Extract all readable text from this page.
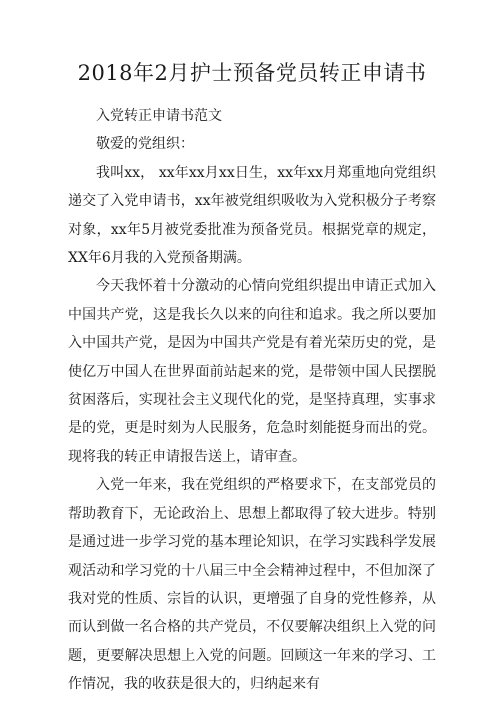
2018年2月护士预备党员转正申请书

入党转正申请书范文

敬爱的党组织：

我叫xx， xx年xx月xx日生，xx年xx月郑重地向党组织递交了入党申请书，xx年被党组织吸收为入党积极分子考察对象，xx年5月被党委批准为预备党员。根据党章的规定，XX年6月我的入党预备期满。

今天我怀着十分激动的心情向党组织提出申请正式加入中国共产党，这是我长久以来的向往和追求。我之所以要加入中国共产党，是因为中国共产党是有着光荣历史的党，是使亿万中国人在世界面前站起来的党，是带领中国人民摆脱贫困落后，实现社会主义现代化的党，是坚持真理，实事求是的党，更是时刻为人民服务，危急时刻能挺身而出的党。现将我的转正申请报告送上，请审查。

入党一年来，我在党组织的严格要求下，在支部党员的帮助教育下，无论政治上、思想上都取得了较大进步。特别是通过进一步学习党的基本理论知识，在学习实践科学发展观活动和学习党的十八届三中全会精神过程中，不但加深了我对党的性质、宗旨的认识，更增强了自身的党性修养，从而认到做一名合格的共产党员，不仅要解决组织上入党的问题，更要解决思想上入党的问题。回顾这一年来的学习、工作情况，我的收获是很大的，归纳起来有
